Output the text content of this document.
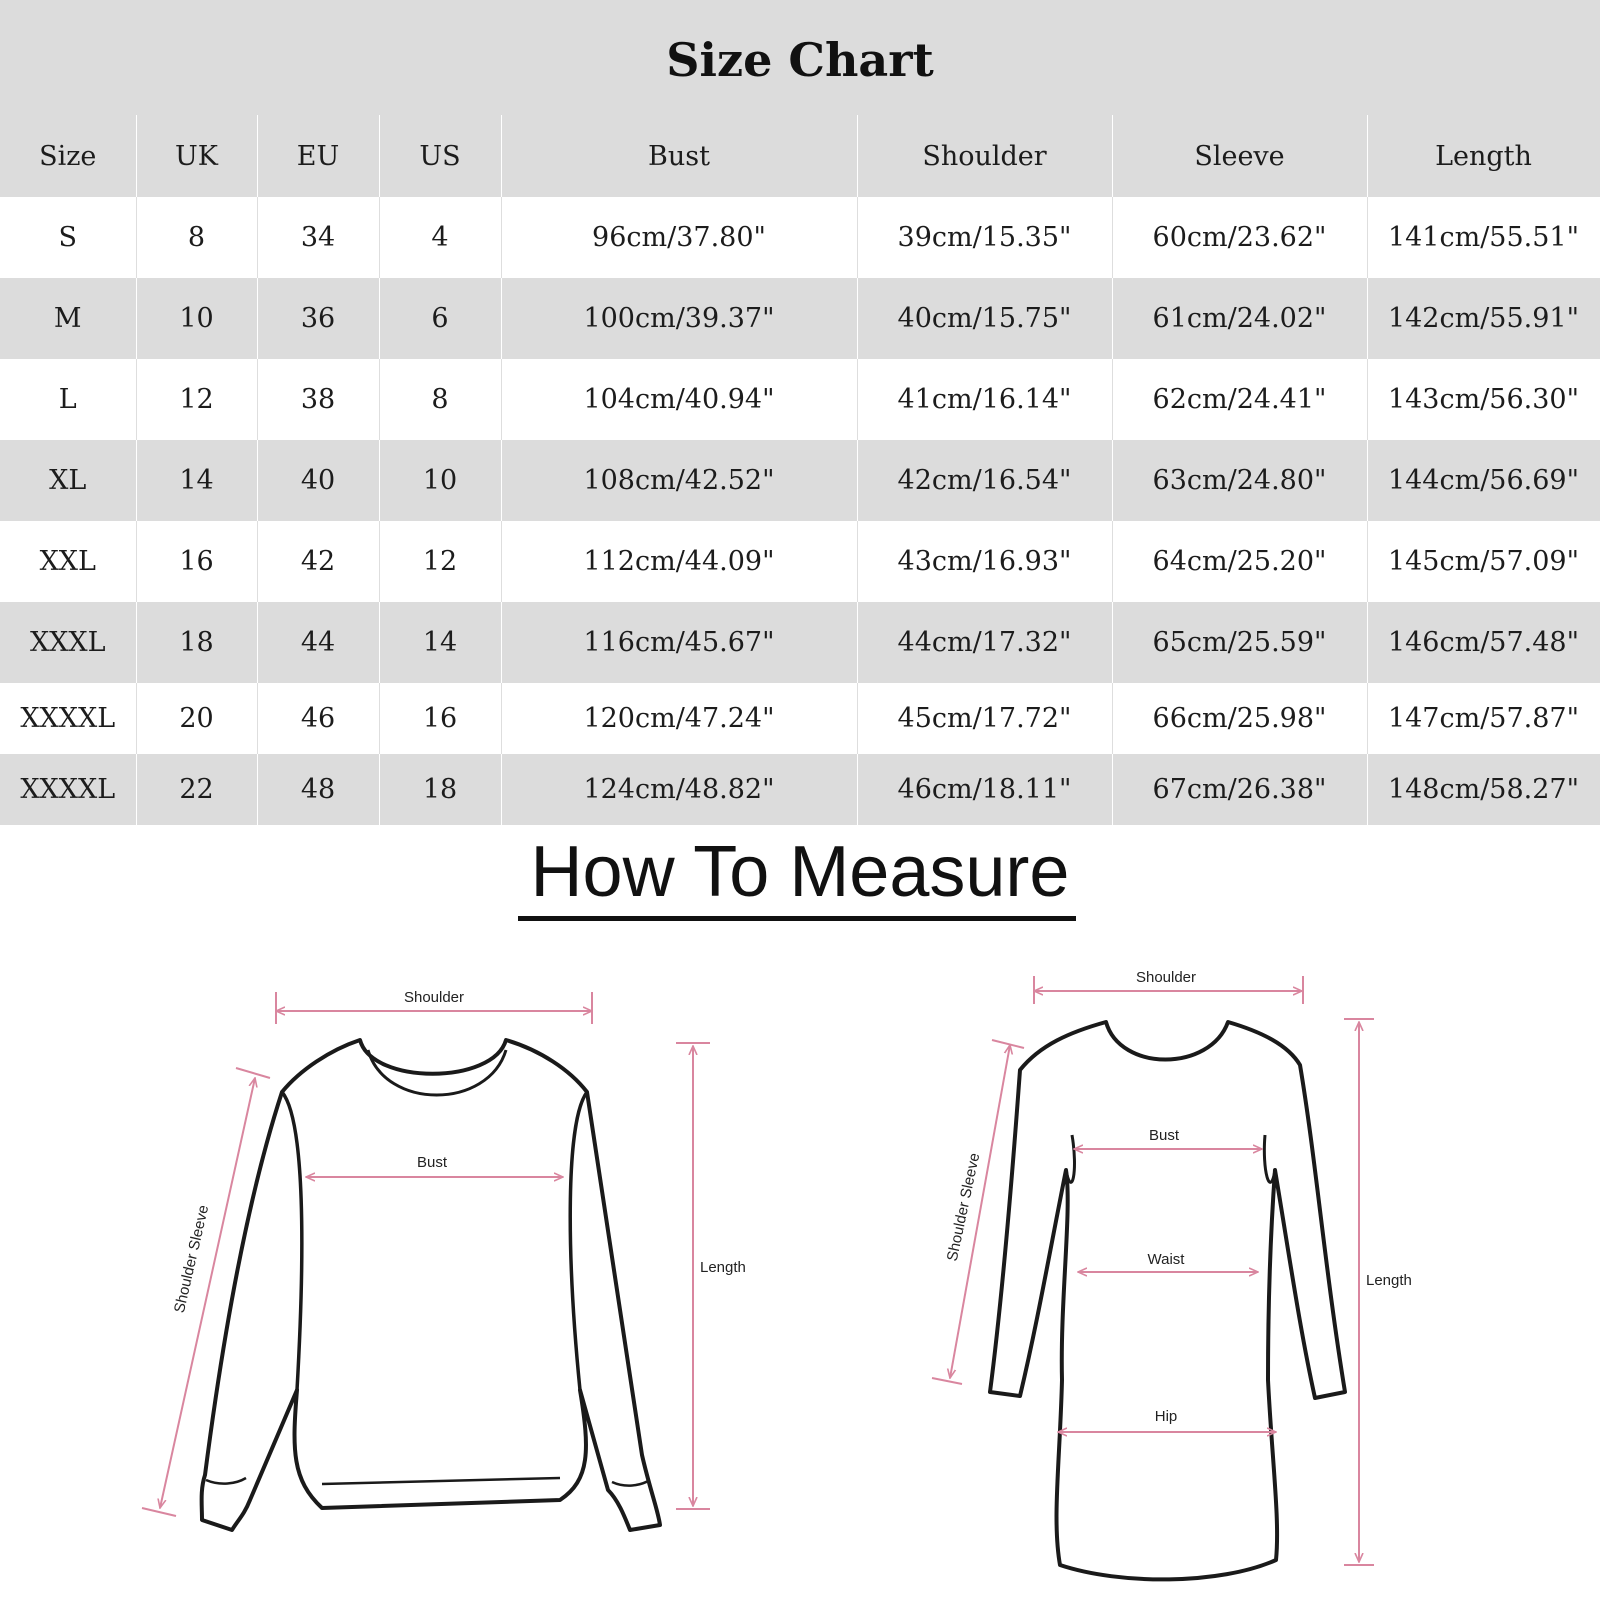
Size Chart
Size	UK	EU	US	Bust	Shoulder	Sleeve	Length
S	8	34	4	96cm/37.80"	39cm/15.35"	60cm/23.62"	141cm/55.51"
M	10	36	6	100cm/39.37"	40cm/15.75"	61cm/24.02"	142cm/55.91"
L	12	38	8	104cm/40.94"	41cm/16.14"	62cm/24.41"	143cm/56.30"
XL	14	40	10	108cm/42.52"	42cm/16.54"	63cm/24.80"	144cm/56.69"
XXL	16	42	12	112cm/44.09"	43cm/16.93"	64cm/25.20"	145cm/57.09"
XXXL	18	44	14	116cm/45.67"	44cm/17.32"	65cm/25.59"	146cm/57.48"
XXXXL	20	46	16	120cm/47.24"	45cm/17.72"	66cm/25.98"	147cm/57.87"
XXXXL	22	48	18	124cm/48.82"	46cm/18.11"	67cm/26.38"	148cm/58.27"
How To Measure
Shoulder
Bust
Length
Shoulder Sleeve
Shoulder
Bust
Waist
Hip
Length
Shoulder Sleeve
